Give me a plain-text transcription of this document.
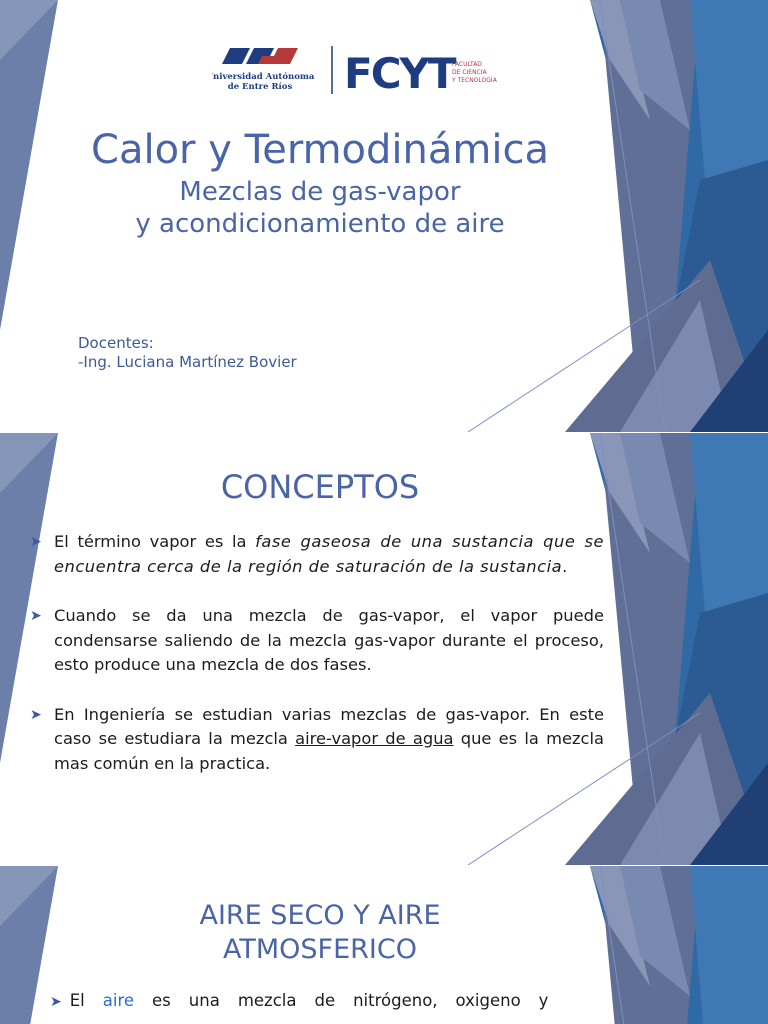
Universidad Autónoma
de Entre Ríos FCYT
FACULTAD
DE CIENCIA
Y TECNOLOGÍA
Calor y Termodinámica
Mezclas de gas-vapor
y acondicionamiento de aire
Docentes:
-Ing. Luciana Martínez Bovier
CONCEPTOS
➤ El término vapor es la fase gaseosa de una sustancia que se encuentra cerca de la región de saturación de la sustancia.
➤ Cuando se da una mezcla de gas-vapor, el vapor puede condensarse saliendo de la mezcla gas-vapor durante el proceso, esto produce una mezcla de dos fases.
➤ En Ingeniería se estudian varias mezclas de gas-vapor. En este caso se estudiara la mezcla aire-vapor de agua que es la mezcla mas común en la practica.
AIRE SECO Y AIRE
ATMOSFERICO
➤ El aire es una mezcla de nitrógeno, oxigeno y
